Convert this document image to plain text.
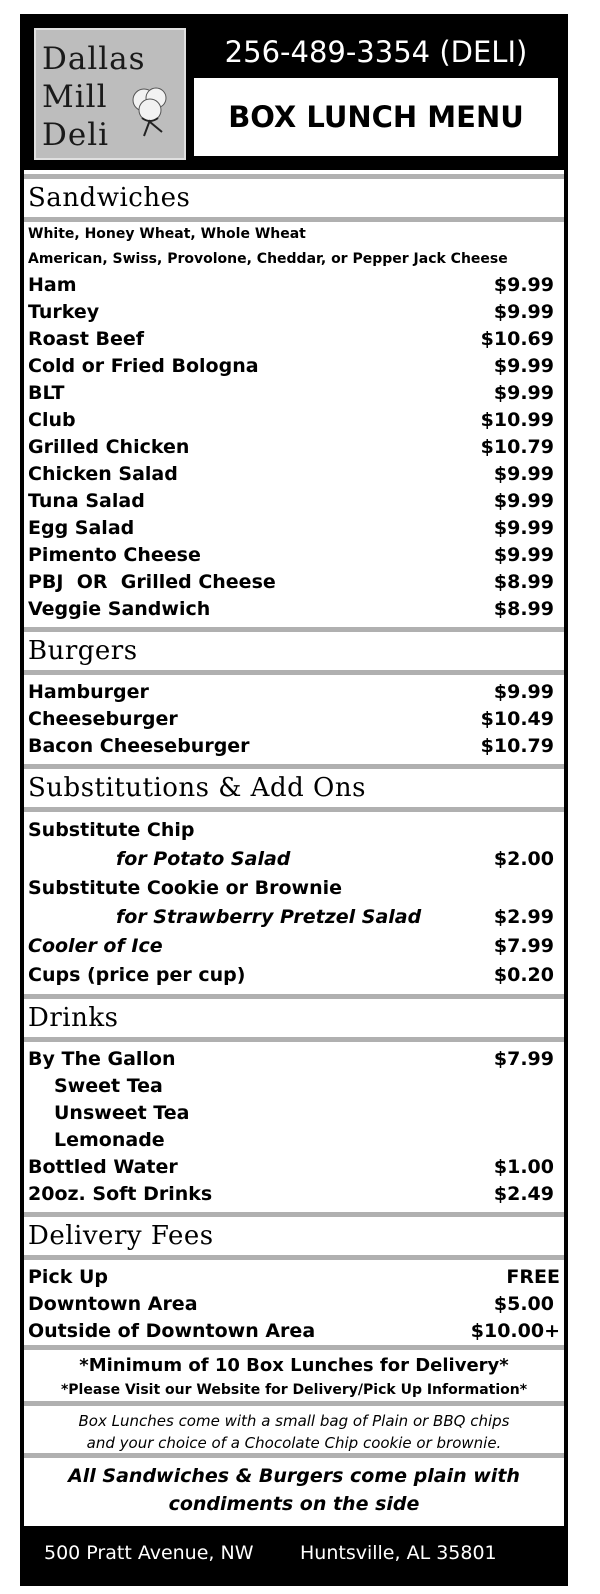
Dallas
Mill
Deli
256-489-3354 (DELI)
BOX LUNCH MENU
Sandwiches
White, Honey Wheat, Whole Wheat
American, Swiss, Provolone, Cheddar, or Pepper Jack Cheese
Ham	$9.99
Turkey	$9.99
Roast Beef	$10.69
Cold or Fried Bologna	$9.99
BLT	$9.99
Club	$10.99
Grilled Chicken	$10.79
Chicken Salad	$9.99
Tuna Salad	$9.99
Egg Salad	$9.99
Pimento Cheese	$9.99
PBJ  OR  Grilled Cheese	$8.99
Veggie Sandwich	$8.99
Burgers
Hamburger	$9.99
Cheeseburger	$10.49
Bacon Cheeseburger	$10.79
Substitutions & Add Ons
Substitute Chip
for Potato Salad	$2.00
Substitute Cookie or Brownie
for Strawberry Pretzel Salad	$2.99
Cooler of Ice	$7.99
Cups (price per cup)	$0.20
Drinks
By The Gallon	$7.99
Sweet Tea
Unsweet Tea
Lemonade
Bottled Water	$1.00
20oz. Soft Drinks	$2.49
Delivery Fees
Pick Up	FREE
Downtown Area	$5.00
Outside of Downtown Area	$10.00+
*Minimum of 10 Box Lunches for Delivery*
*Please Visit our Website for Delivery/Pick Up Information*
Box Lunches come with a small bag of Plain or BBQ chips
and your choice of a Chocolate Chip cookie or brownie.
All Sandwiches & Burgers come plain with
condiments on the side
500 Pratt Avenue, NW Huntsville, AL 35801
